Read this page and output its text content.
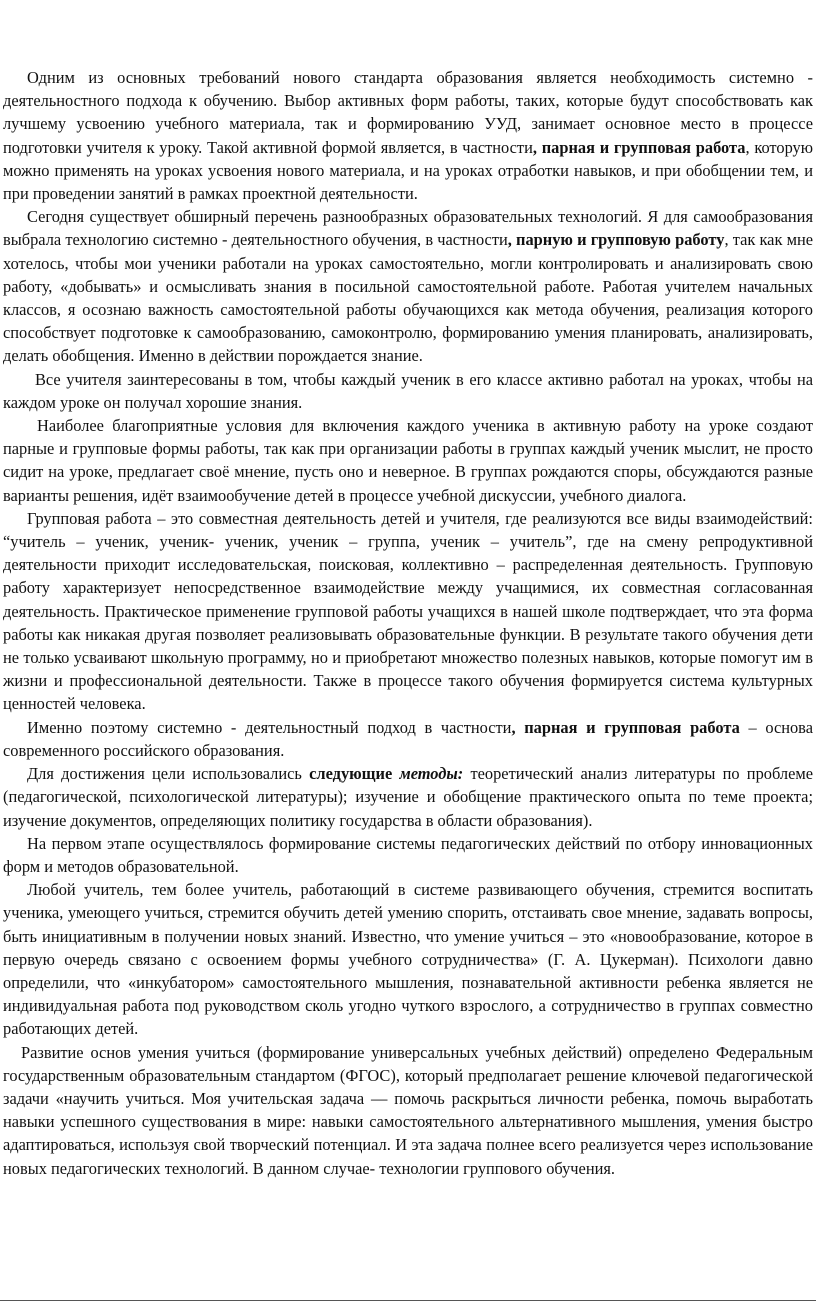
Одним из основных требований нового стандарта образования является необходимость системно - деятельностного подхода к обучению. Выбор активных форм работы, таких, которые будут способствовать как лучшему усвоению учебного материала, так и формированию УУД, занимает основное место в процессе подготовки учителя к уроку. Такой активной формой является, в частности, парная и групповая работа, которую можно применять на уроках усвоения нового материала, и на уроках отработки навыков, и при обобщении тем, и при проведении занятий в рамках проектной деятельности.

Сегодня существует обширный перечень разнообразных образовательных технологий. Я для самообразования выбрала технологию системно - деятельностного обучения, в частности, парную и групповую работу, так как мне хотелось, чтобы мои ученики работали на уроках самостоятельно, могли контролировать и анализировать свою работу, «добывать» и осмысливать знания в посильной самостоятельной работе. Работая учителем начальных классов, я осознаю важность самостоятельной работы обучающихся как метода обучения, реализация которого способствует подготовке к самообразованию, самоконтролю, формированию умения планировать, анализировать, делать обобщения. Именно в действии порождается знание.

Все учителя заинтересованы в том, чтобы каждый ученик в его классе активно работал на уроках, чтобы на каждом уроке он получал хорошие знания.

Наиболее благоприятные условия для включения каждого ученика в активную работу на уроке создают парные и групповые формы работы, так как при организации работы в группах каждый ученик мыслит, не просто сидит на уроке, предлагает своё мнение, пусть оно и неверное. В группах рождаются споры, обсуждаются разные варианты решения, идёт взаимообучение детей в процессе учебной дискуссии, учебного диалога.

Групповая работа – это совместная деятельность детей и учителя, где реализуются все виды взаимодействий: “учитель – ученик, ученик- ученик, ученик – группа, ученик – учитель”, где на смену репродуктивной деятельности приходит исследовательская, поисковая, коллективно – распределенная деятельность. Групповую работу характеризует непосредственное взаимодействие между учащимися, их совместная согласованная деятельность. Практическое применение групповой работы учащихся в нашей школе подтверждает, что эта форма работы как никакая другая позволяет реализовывать образовательные функции. В результате такого обучения дети не только усваивают школьную программу, но и приобретают множество полезных навыков, которые помогут им в жизни и профессиональной деятельности. Также в процессе такого обучения формируется система культурных ценностей человека.

Именно поэтому системно - деятельностный подход в частности, парная и групповая работа – основа современного российского образования.

Для достижения цели использовались следующие методы: теоретический анализ литературы по проблеме (педагогической, психологической литературы); изучение и обобщение практического опыта по теме проекта; изучение документов, определяющих политику государства в области образования).

На первом этапе осуществлялось формирование системы педагогических действий по отбору инновационных форм и методов образовательной.

Любой учитель, тем более учитель, работающий в системе развивающего обучения, стремится воспитать ученика, умеющего учиться, стремится обучить детей умению спорить, отстаивать свое мнение, задавать вопросы, быть инициативным в получении новых знаний. Известно, что умение учиться – это «новообразование, которое в первую очередь связано с освоением формы учебного сотрудничества» (Г. А. Цукерман). Психологи давно определили, что «инкубатором» самостоятельного мышления, познавательной активности ребенка является не индивидуальная работа под руководством сколь угодно чуткого взрослого, а сотрудничество в группах совместно работающих детей.

Развитие основ умения учиться (формирование универсальных учебных действий) определено Федеральным государственным образовательным стандартом (ФГОС), который предполагает решение ключевой педагогической задачи «научить учиться. Моя учительская задача — помочь раскрыться личности ребенка, помочь выработать навыки успешного существования в мире: навыки самостоятельного альтернативного мышления, умения быстро адаптироваться, используя свой творческий потенциал. И эта задача полнее всего реализуется через использование новых педагогических технологий. В данном случае- технологии группового обучения.
